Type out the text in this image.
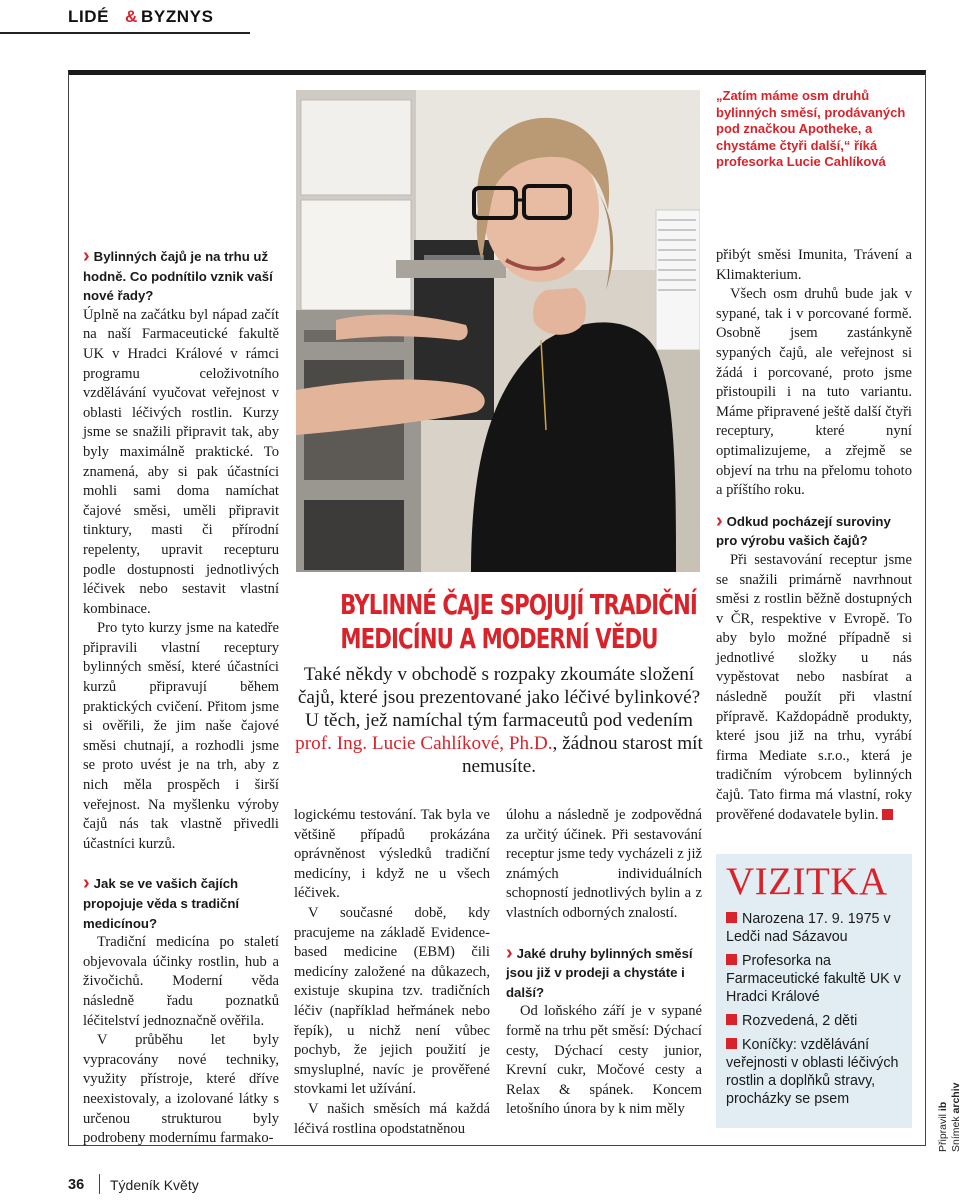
LIDÉ & BYZNYS
„Zatím máme osm druhů bylinných směsí, prodávaných pod značkou Apotheke, a chystáme čtyři další,“ říká profesorka Lucie Cahlíková
BYLINNÉ ČAJE SPOJUJÍ TRADIČNÍ
MEDICÍNU A MODERNÍ VĚDU

Také někdy v obchodě s rozpaky zkoumáte složení čajů, které jsou prezentované jako léčivé bylinkové? U těch, jež namíchal tým farmaceutů pod vedením prof. Ing. Lucie Cahlíkové, Ph.D., žádnou starost mít nemusíte.

› Bylinných čajů je na trhu už hodně. Co podnítilo vznik vaší nové řady?

Úplně na začátku byl nápad začít na naší Farmaceutické fakultě UK v Hradci Králové v rámci programu celoživotního vzdělávání vyučovat veřejnost v oblasti léčivých rostlin. Kurzy jsme se snažili připravit tak, aby byly maximálně praktické. To znamená, aby si pak účastníci mohli sami doma namíchat čajové směsi, uměli připravit tinktury, masti či přírodní repelenty, upravit recepturu podle dostupnosti jednotlivých léčivek nebo sestavit vlastní kombinace.

Pro tyto kurzy jsme na katedře připravili vlastní receptury bylinných směsí, které účastníci kurzů připravují během praktických cvičení. Přitom jsme si ověřili, že jim naše čajové směsi chutnají, a rozhodli jsme se proto uvést je na trh, aby z nich měla prospěch i širší veřejnost. Na myšlenku výroby čajů nás tak vlastně přivedli účastníci kurzů.

› Jak se ve vašich čajích propojuje věda s tradiční medicínou?

Tradiční medicína po staletí objevovala účinky rostlin, hub a živočichů. Moderní věda následně řadu poznatků léčitelství jednoznačně ověřila.

V průběhu let byly vypracovány nové techniky, využity přístroje, které dříve neexistovaly, a izolované látky s určenou strukturou byly podrobeny modernímu farmako-

logickému testování. Tak byla ve většině případů prokázána oprávněnost výsledků tradiční medicíny, i když ne u všech léčivek.

V současné době, kdy pracujeme na základě Evidence-based medicine (EBM) čili medicíny založené na důkazech, existuje skupina tzv. tradičních léčiv (například heřmánek nebo řepík), u nichž není vůbec pochyb, že jejich použití je smysluplné, navíc je prověřené stovkami let užívání.

V našich směsích má každá léčivá rostlina opodstatněnou

úlohu a následně je zodpovědná za určitý účinek. Při sestavování receptur jsme tedy vycházeli z již známých individuálních schopností jednotlivých bylin a z vlastních odborných znalostí.

› Jaké druhy bylinných směsí jsou již v prodeji a chystáte i další?

Od loňského září je v sypané formě na trhu pět směsí: Dýchací cesty, Dýchací cesty junior, Krevní cukr, Močové cesty a Relax & spánek. Koncem letošního února by k nim měly

přibýt směsi Imunita, Trávení a Klimakterium.

Všech osm druhů bude jak v sypané, tak i v porcované formě. Osobně jsem zastánkyně sypaných čajů, ale veřejnost si žádá i porcované, proto jsme přistoupili i na tuto variantu. Máme připravené ještě další čtyři receptury, které nyní optimalizujeme, a zřejmě se objeví na trhu na přelomu tohoto a příštího roku.

› Odkud pocházejí suroviny pro výrobu vašich čajů?

Při sestavování receptur jsme se snažili primárně navrhnout směsi z rostlin běžně dostupných v ČR, respektive v Evropě. To aby bylo možné případně si jednotlivé složky u nás vypěstovat nebo nasbírat a následně použít při vlastní přípravě. Každopádně produkty, které jsou již na trhu, vyrábí firma Mediate s.r.o., která je tradičním výrobcem bylinných čajů. Tato firma má vlastní, roky prověřené dodavatele bylin.

VIZITKA
Narozena 17. 9. 1975 v Ledči nad Sázavou
Profesorka na Farmaceutické fakultě UK v Hradci Králové
Rozvedená, 2 děti
Koníčky: vzdělávání veřejnosti v oblasti léčivých rostlin a doplňků stravy, procházky se psem
Připravil ib
Snímek archiv
36 Týdeník Květy
